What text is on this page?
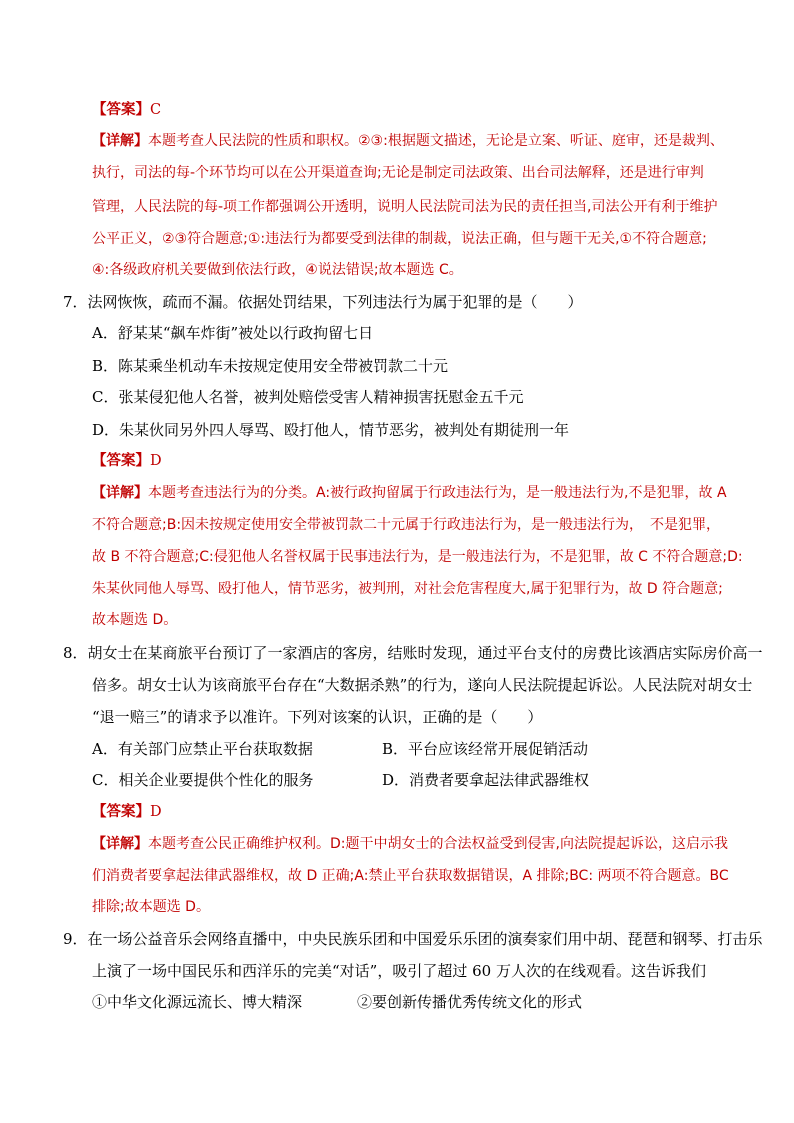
【答案】C
【详解】本题考查人民法院的性质和职权。②③:根据题文描述，无论是立案、听证、庭审，还是裁判、
执行，司法的每-个环节均可以在公开渠道查询;无论是制定司法政策、出台司法解释，还是进行审判
管理，人民法院的每-项工作都强调公开透明，说明人民法院司法为民的责任担当,司法公开有利于维护
公平正义，②③符合题意;①:违法行为都要受到法律的制裁，说法正确，但与题干无关,①不符合题意;
④:各级政府机关要做到依法行政，④说法错误;故本题选 C。
7．法网恢恢，疏而不漏。依据处罚结果，下列违法行为属于犯罪的是（　　）
A．舒某某“飙车炸街”被处以行政拘留七日
B．陈某乘坐机动车未按规定使用安全带被罚款二十元
C．张某侵犯他人名誉，被判处赔偿受害人精神损害抚慰金五千元
D．朱某伙同另外四人辱骂、殴打他人，情节恶劣，被判处有期徒刑一年
【答案】D
【详解】本题考查违法行为的分类。A:被行政拘留属于行政违法行为，是一般违法行为,不是犯罪，故 A
不符合题意;B:因未按规定使用安全带被罚款二十元属于行政违法行为，是一般违法行为，　不是犯罪，
故 B 不符合题意;C:侵犯他人名誉权属于民事违法行为，是一般违法行为，不是犯罪，故 C 不符合题意;D:
朱某伙同他人辱骂、殴打他人，情节恶劣，被判刑，对社会危害程度大,属于犯罪行为，故 D 符合题意;
故本题选 D。
8．胡女士在某商旅平台预订了一家酒店的客房，结账时发现，通过平台支付的房费比该酒店实际房价高一
倍多。胡女士认为该商旅平台存在“大数据杀熟”的行为，遂向人民法院提起诉讼。人民法院对胡女士
“退一赔三”的请求予以准许。下列对该案的认识，正确的是（　　）
A．有关部门应禁止平台获取数据	B．平台应该经常开展促销活动
C．相关企业要提供个性化的服务	D．消费者要拿起法律武器维权
【答案】D
【详解】本题考查公民正确维护权利。D:题干中胡女士的合法权益受到侵害,向法院提起诉讼，这启示我
们消费者要拿起法律武器维权，故 D 正确;A:禁止平台获取数据错误，A 排除;BC: 两项不符合题意。BC
排除;故本题选 D。
9．在一场公益音乐会网络直播中，中央民族乐团和中国爱乐乐团的演奏家们用中胡、琵琶和钢琴、打击乐
上演了一场中国民乐和西洋乐的完美“对话”，吸引了超过 60 万人次的在线观看。这告诉我们
①中华文化源远流长、博大精深	②要创新传播优秀传统文化的形式
